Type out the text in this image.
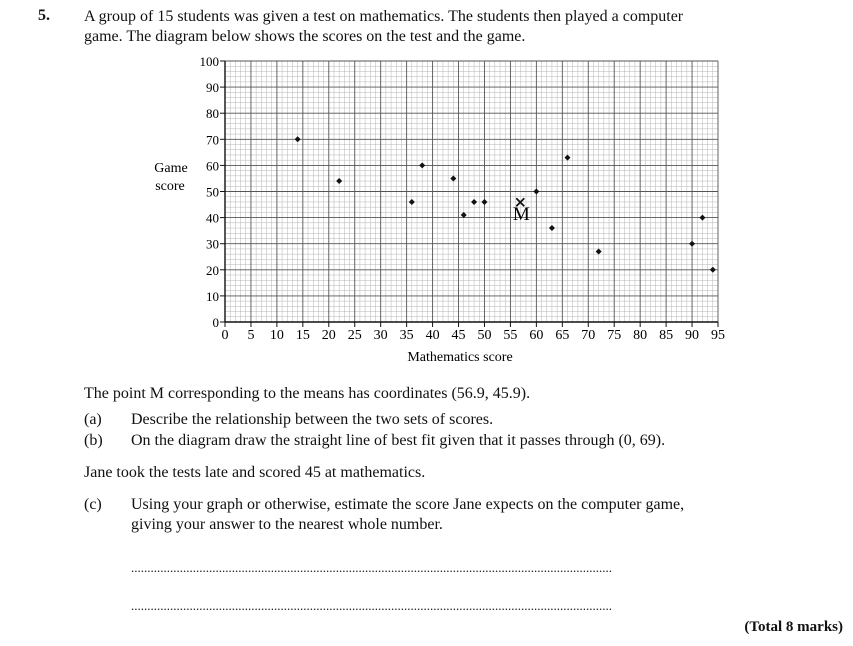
5. A group of 15 students was given a test on mathematics. The students then played a computer
game. The diagram below shows the scores on the test and the game.
0 5 10 15 20 25 30 35 40 45 50 55 60 65 70 75 80 85 90 95
0
10
20
30
40
50
60
70
80
90
100
M
Mathematics score
Game
score
The point M corresponding to the means has coordinates (56.9, 45.9).
(a)	Describe the relationship between the two sets of scores.
(b)	On the diagram draw the straight line of best fit given that it passes through (0, 69).
Jane took the tests late and scored 45 at mathematics.
(c)	Using your graph or otherwise, estimate the score Jane expects on the computer game,
giving your answer to the nearest whole number.
....................................................................................................................................................
....................................................................................................................................................
(Total 8 marks)
